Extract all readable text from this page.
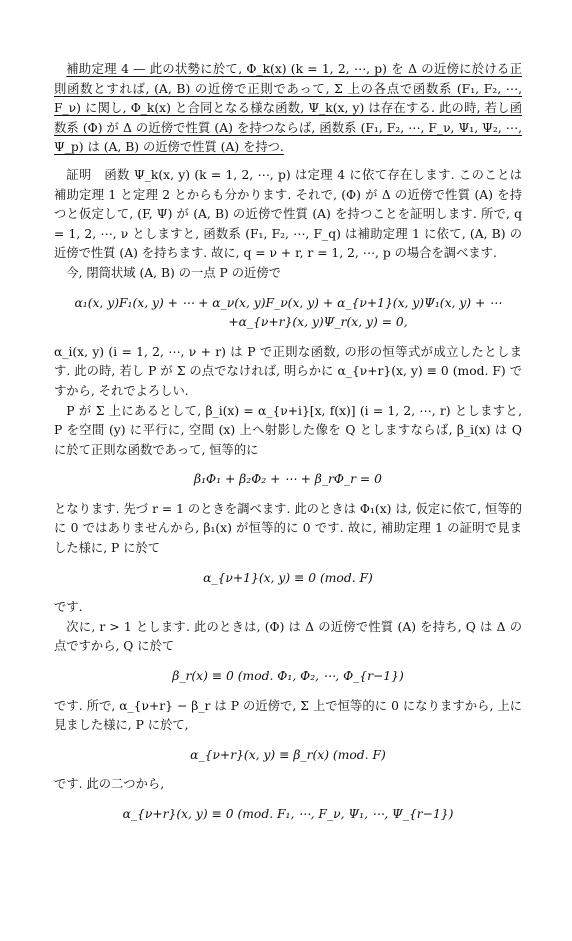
補助定理 4 — 此の状勢に於て, Φ_k(x) (k = 1, 2, ⋯, p) を Δ の近傍に於ける正則函数とすれば, (A, B) の近傍で正則であって, Σ 上の各点で函数系 (F₁, F₂, ⋯, F_ν) に関し, Φ_k(x) と合同となる様な函数, Ψ_k(x, y) は存在する. 此の時, 若し函数系 (Φ) が Δ の近傍で性質 (A) を持つならば, 函数系 (F₁, F₂, ⋯, F_ν, Ψ₁, Ψ₂, ⋯, Ψ_p) は (A, B) の近傍で性質 (A) を持つ.

証明　函数 Ψ_k(x, y) (k = 1, 2, ⋯, p) は定理 4 に依て存在します. このことは補助定理 1 と定理 2 とからも分かります. それで, (Φ) が Δ の近傍で性質 (A) を持つと仮定して, (F, Ψ) が (A, B) の近傍で性質 (A) を持つことを証明します. 所で, q = 1, 2, ⋯, ν としますと, 函数系 (F₁, F₂, ⋯, F_q) は補助定理 1 に依て, (A, B) の近傍で性質 (A) を持ちます. 故に, q = ν + r, r = 1, 2, ⋯, p の場合を調べます.

今, 閉筒状域 (A, B) の一点 P の近傍で

α₁(x, y)F₁(x, y) + ⋯ + α_ν(x, y)F_ν(x, y) + α_{ν+1}(x, y)Ψ₁(x, y) + ⋯
+α_{ν+r}(x, y)Ψ_r(x, y) = 0,

α_i(x, y) (i = 1, 2, ⋯, ν + r) は P で正則な函数, の形の恒等式が成立したとします. 此の時, 若し P が Σ の点でなければ, 明らかに α_{ν+r}(x, y) ≡ 0 (mod. F) ですから, それでよろしい.

P が Σ 上にあるとして, β_i(x) = α_{ν+i}[x, f(x)] (i = 1, 2, ⋯, r) としますと, P を空間 (y) に平行に, 空間 (x) 上へ射影した像を Q としますならば, β_i(x) は Q に於て正則な函数であって, 恒等的に

β₁Φ₁ + β₂Φ₂ + ⋯ + β_rΦ_r = 0

となります. 先づ r = 1 のときを調べます. 此のときは Φ₁(x) は, 仮定に依て, 恒等的に 0 ではありませんから, β₁(x) が恒等的に 0 です. 故に, 補助定理 1 の証明で見ました様に, P に於て

α_{ν+1}(x, y) ≡ 0 (mod. F)

です.

次に, r > 1 とします. 此のときは, (Φ) は Δ の近傍で性質 (A) を持ち, Q は Δ の点ですから, Q に於て

β_r(x) ≡ 0 (mod. Φ₁, Φ₂, ⋯, Φ_{r−1})

です. 所で, α_{ν+r} − β_r は P の近傍で, Σ 上で恒等的に 0 になりますから, 上に見ました様に, P に於て,

α_{ν+r}(x, y) ≡ β_r(x) (mod. F)

です. 此の二つから,

α_{ν+r}(x, y) ≡ 0 (mod. F₁, ⋯, F_ν, Ψ₁, ⋯, Ψ_{r−1})
